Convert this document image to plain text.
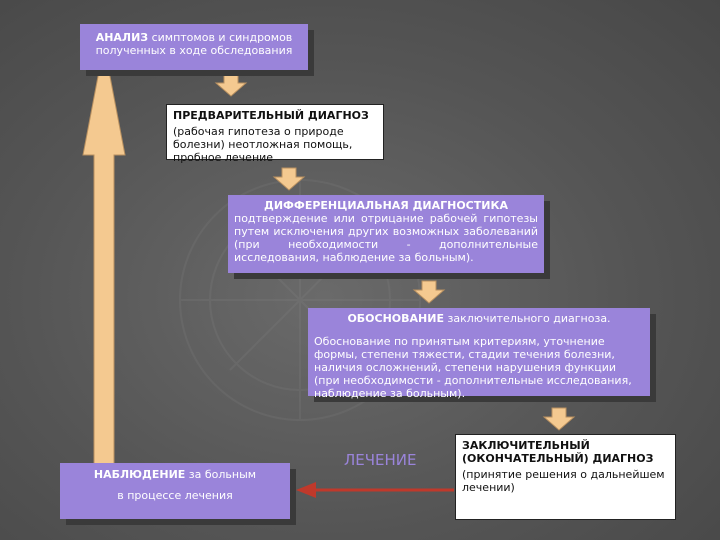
АНАЛИЗ симптомов и синдромов
полученных в ходе обследования
ПРЕДВАРИТЕЛЬНЫЙ ДИАГНОЗ
(рабочая гипотеза о природе болезни) неотложная помощь, пробное лечение
ДИФФЕРЕНЦИАЛЬНАЯ ДИАГНОСТИКА
подтверждение или отрицание рабочей гипотезы путем исключения других возможных заболеваний (при необходимости - дополнительные исследования, наблюдение за больным).
ОБОСНОВАНИЕ заключительного диагноза.
Обоснование по принятым критериям, уточнение формы, степени тяжести, стадии течения болезни, наличия осложнений, степени нарушения функции (при необходимости - дополнительные исследования, наблюдение за больным).
ЗАКЛЮЧИТЕЛЬНЫЙ
(ОКОНЧАТЕЛЬНЫЙ) ДИАГНОЗ
(принятие решения о дальнейшем лечении)
ЛЕЧЕНИЕ
НАБЛЮДЕНИЕ за больным
в процессе лечения
